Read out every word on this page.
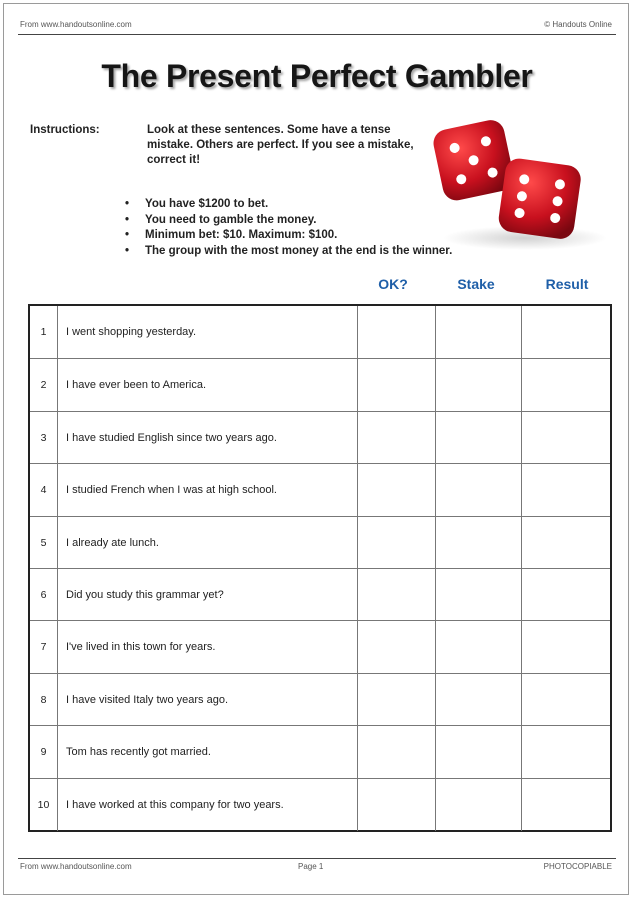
From www.handoutsonline.com	© Handouts Online
The Present Perfect Gambler
Instructions:	Look at these sentences. Some have a tense mistake. Others are perfect. If you see a mistake, correct it!
• You have $1200 to bet.
• You need to gamble the money.
• Minimum bet: $10. Maximum: $100.
• The group with the most money at the end is the winner.
OK?	Stake	Result
1	I went shopping yesterday.
2	I have ever been to America.
3	I have studied English since two years ago.
4	I studied French when I was at high school.
5	I already ate lunch.
6	Did you study this grammar yet?
7	I've lived in this town for years.
8	I have visited Italy two years ago.
9	Tom has recently got married.
10	I have worked at this company for two years.
From www.handoutsonline.com	Page 1	PHOTOCOPIABLE
